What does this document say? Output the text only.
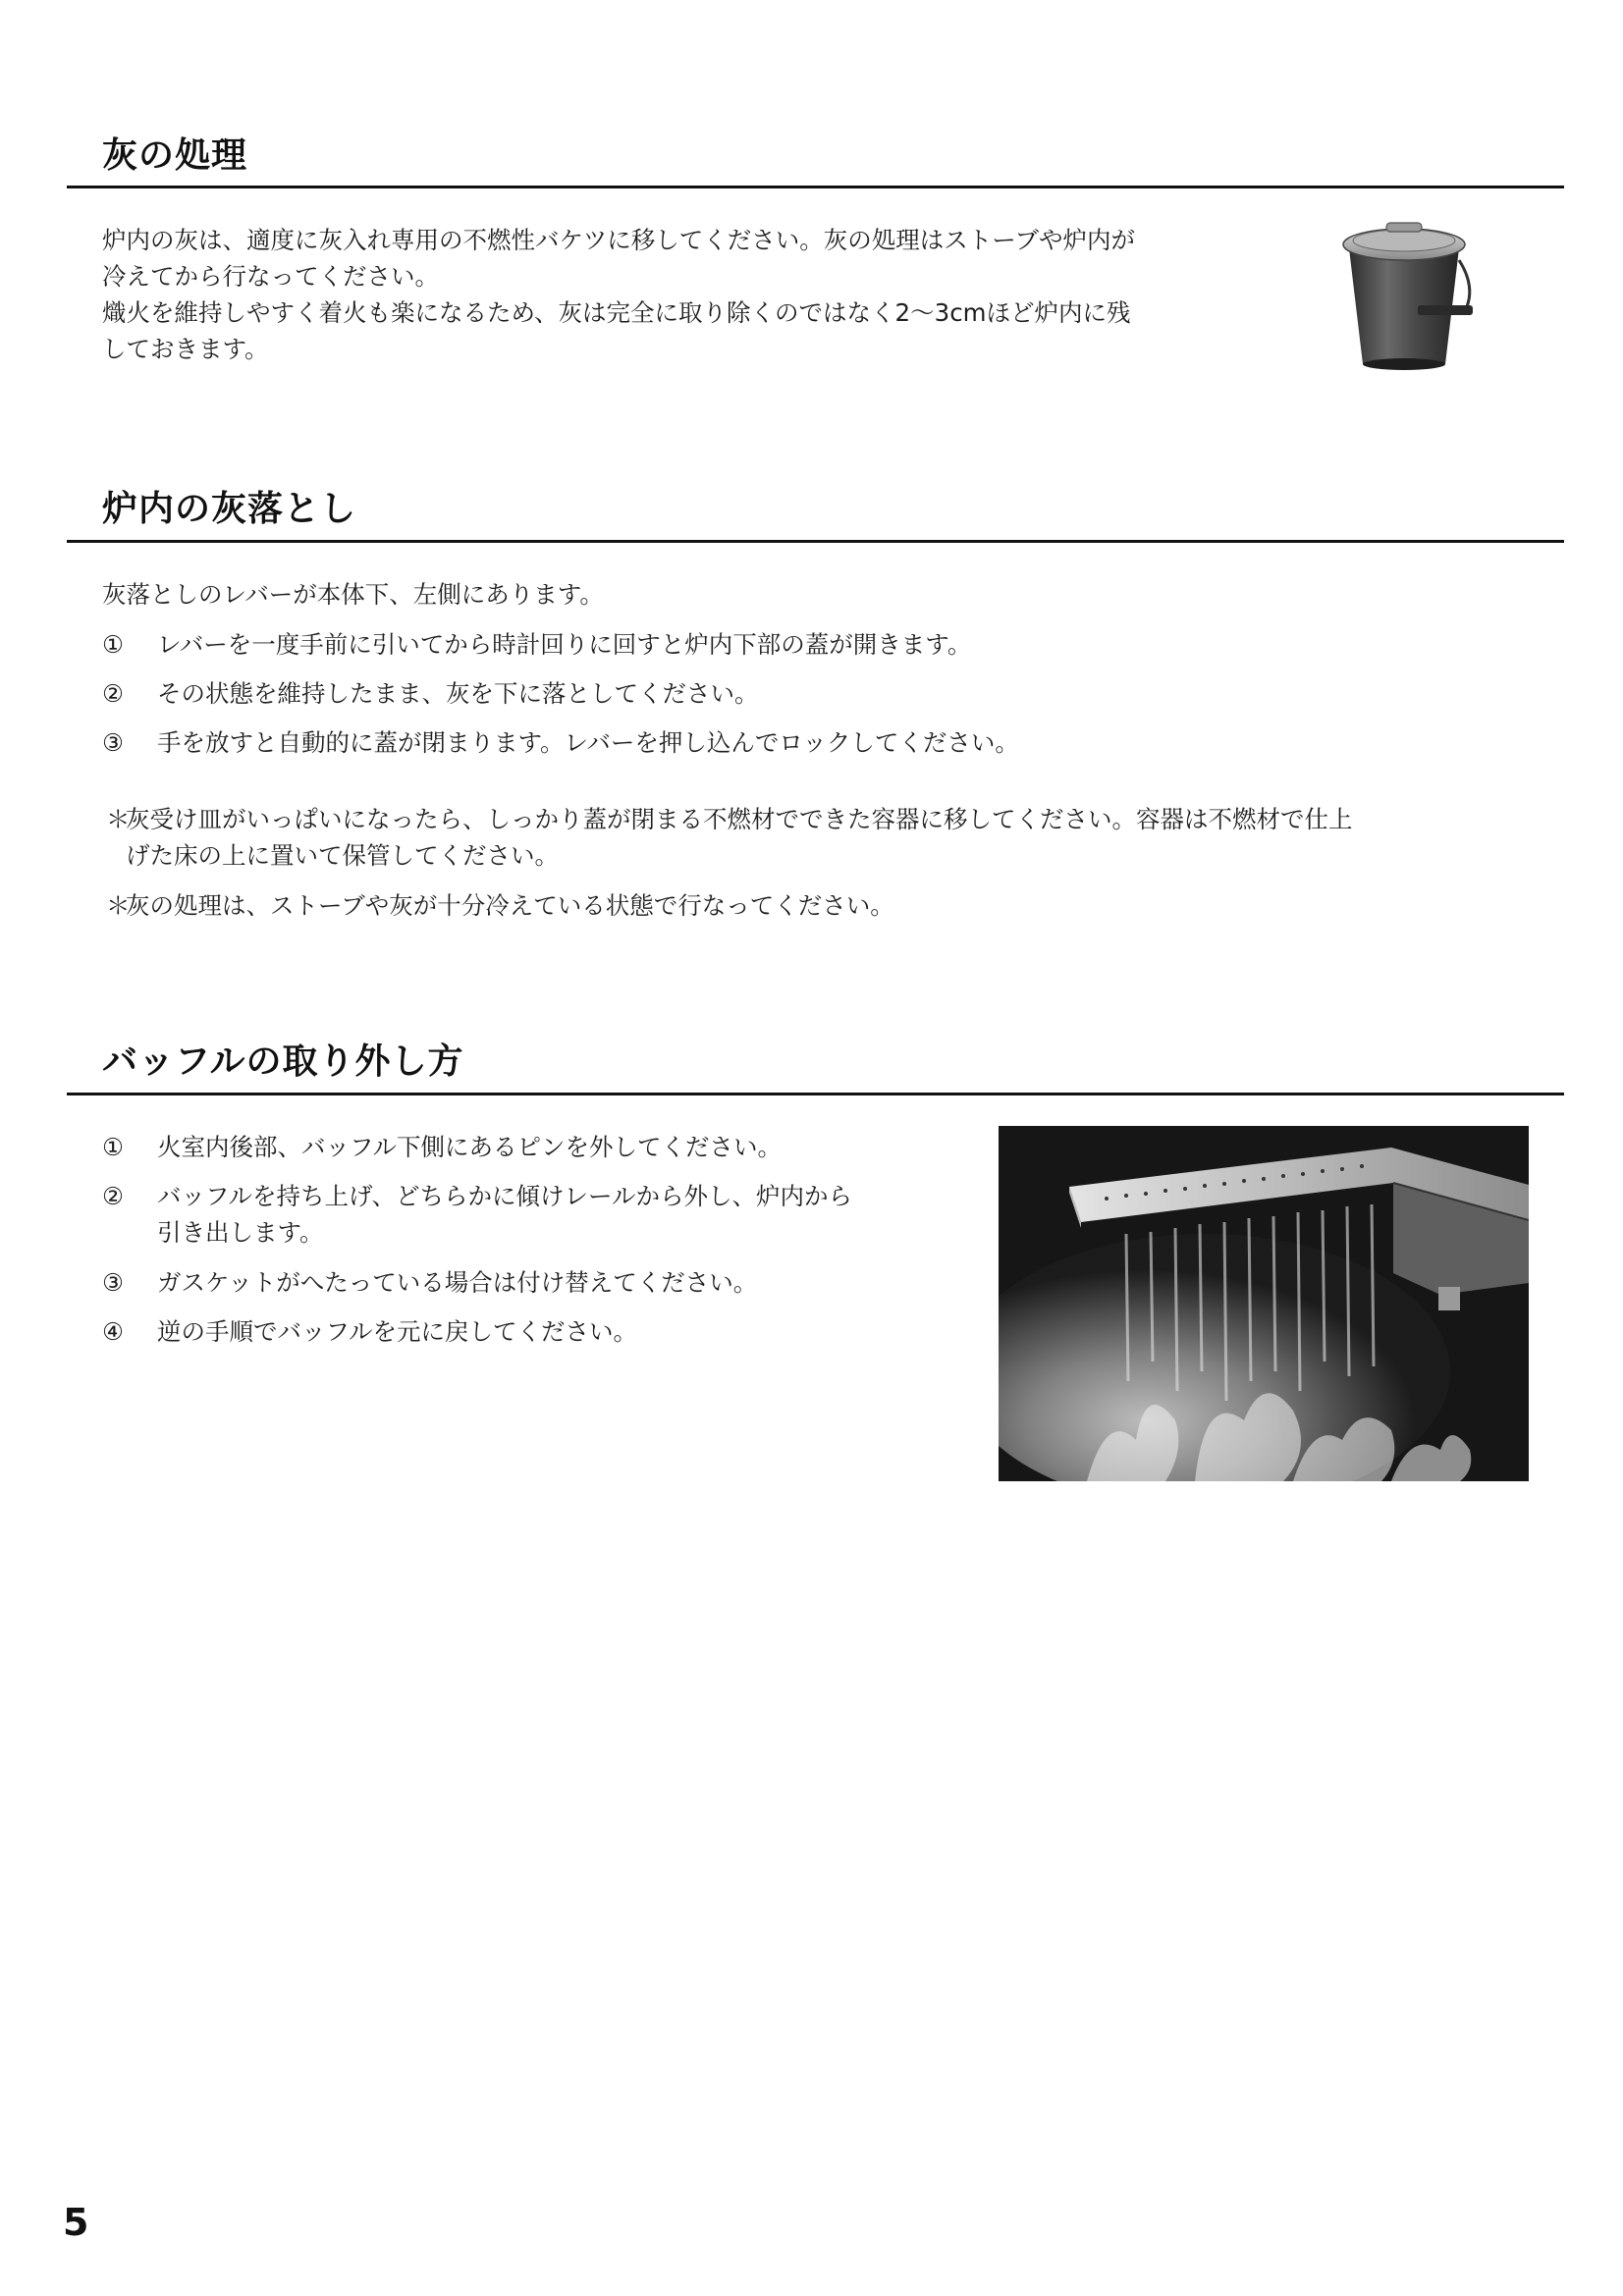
灰の処理
炉内の灰は、適度に灰入れ専用の不燃性バケツに移してください。灰の処理はストーブや炉内が
冷えてから行なってください。
熾火を維持しやすく着火も楽になるため、灰は完全に取り除くのではなく2〜3cmほど炉内に残
しておきます。
炉内の灰落とし
灰落としのレバーが本体下、左側にあります。
①	レバーを一度手前に引いてから時計回りに回すと炉内下部の蓋が開きます。
②	その状態を維持したまま、灰を下に落としてください。
③	手を放すと自動的に蓋が閉まります。レバーを押し込んでロックしてください。
＊
灰受け皿がいっぱいになったら、しっかり蓋が閉まる不燃材でできた容器に移してください。容器は不燃材で仕上
げた床の上に置いて保管してください。
＊
灰の処理は、ストーブや灰が十分冷えている状態で行なってください。
バッフルの取り外し方
①	火室内後部、バッフル下側にあるピンを外してください。
②	バッフルを持ち上げ、どちらかに傾けレールから外し、炉内から
引き出します。
③	ガスケットがへたっている場合は付け替えてください。
④	逆の手順でバッフルを元に戻してください。
5
